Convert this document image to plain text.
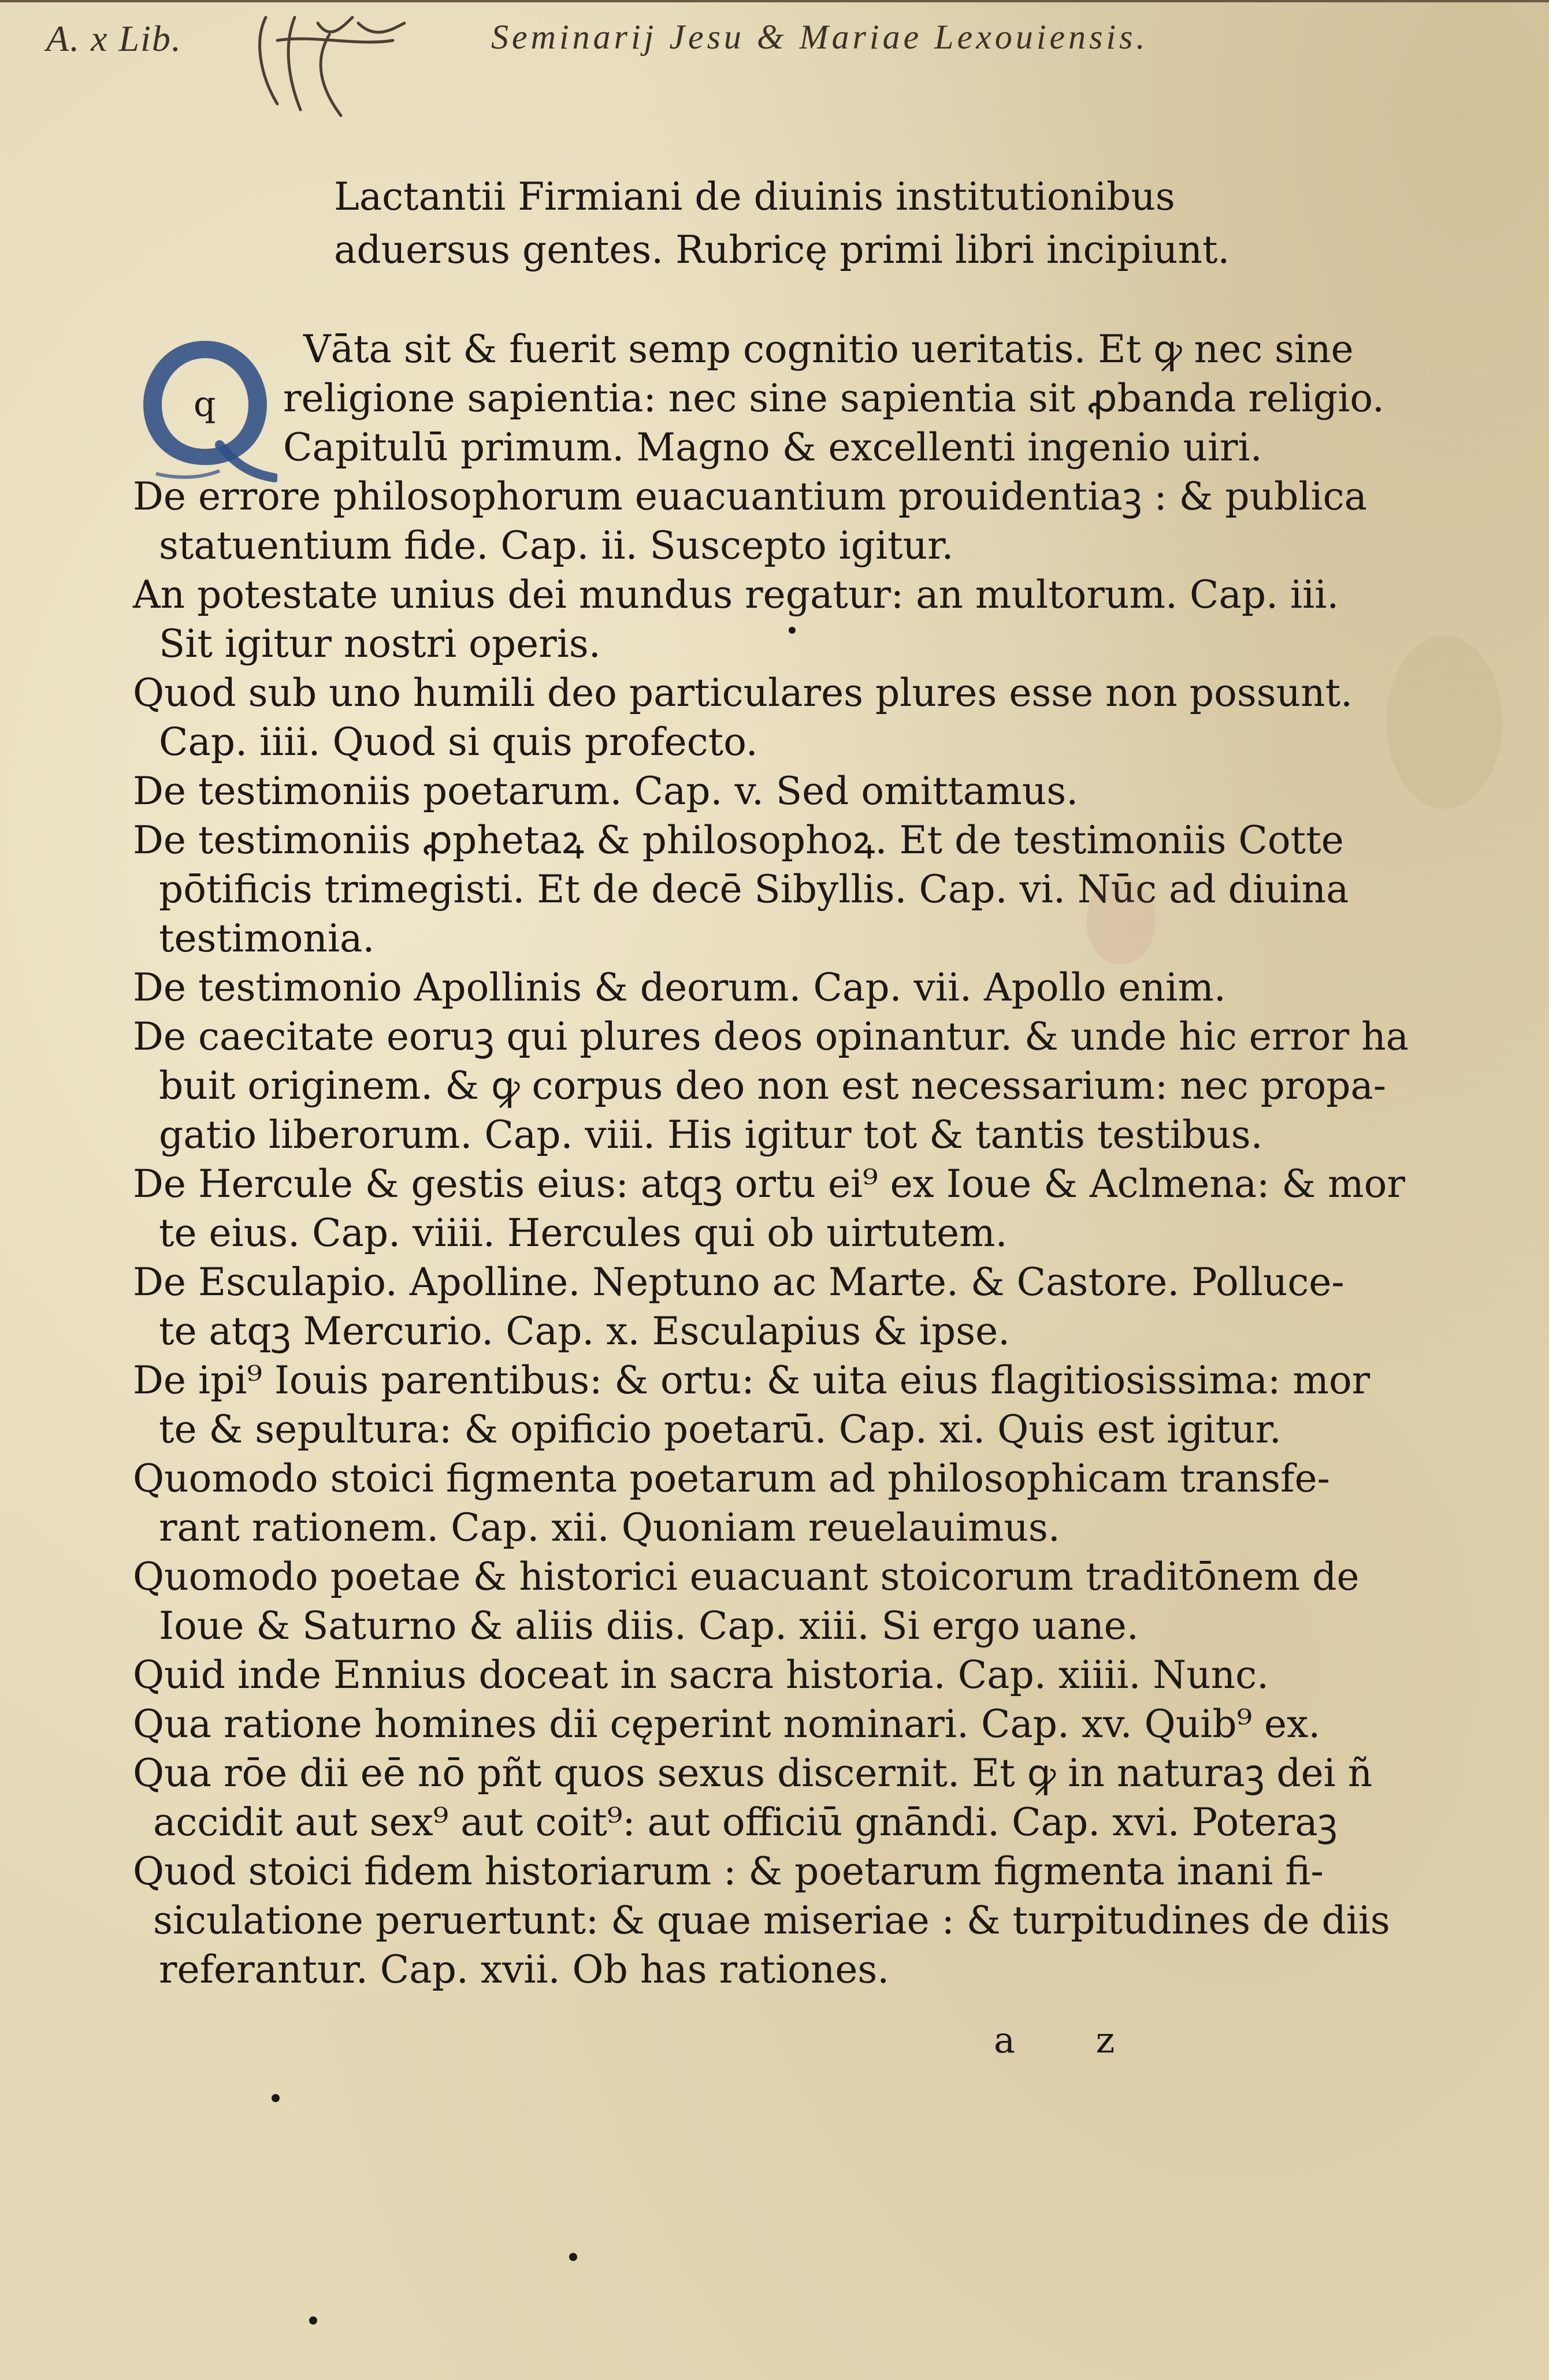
A. x Lib.	Seminarij Jesu & Mariae Lexouiensis.
Lactantii Firmiani de diuinis institutionibus
aduersus gentes. Rubricę primi libri incipiunt.
q
Vāta sit & fuerit semp cognitio ueritatis. Et ꝙ nec sine
religione sapientia: nec sine sapientia sit ꝓbanda religio.
Capitulū primum. Magno & excellenti ingenio uiri.
De errore philosophorum euacuantium prouidentiaꝫ : & publica
statuentium fide. Cap. ii. Suscepto igitur.
An potestate unius dei mundus regatur: an multorum. Cap. iii.
Sit igitur nostri operis.
Quod sub uno humili deo particulares plures esse non possunt.
Cap. iiii. Quod si quis profecto.
De testimoniis poetarum. Cap. v. Sed omittamus.
De testimoniis ꝓphetaꝝ & philosophoꝝ. Et de testimoniis Cotte
pōtificis trimegisti. Et de decē Sibyllis. Cap. vi. Nūc ad diuina
testimonia.
De testimonio Apollinis & deorum. Cap. vii. Apollo enim.
De caecitate eoruꝫ qui plures deos opinantur. & unde hic error ha
buit originem. & ꝙ corpus deo non est necessarium: nec propa-
gatio liberorum. Cap. viii. His igitur tot & tantis testibus.
De Hercule & gestis eius: atqꝫ ortu ei⁹ ex Ioue & Aclmena: & mor
te eius. Cap. viiii. Hercules qui ob uirtutem.
De Esculapio. Apolline. Neptuno ac Marte. & Castore. Polluce-
te atqꝫ Mercurio. Cap. x. Esculapius & ipse.
De ipi⁹ Iouis parentibus: & ortu: & uita eius flagitiosissima: mor
te & sepultura: & opificio poetarū. Cap. xi. Quis est igitur.
Quomodo stoici figmenta poetarum ad philosophicam transfe-
rant rationem. Cap. xii. Quoniam reuelauimus.
Quomodo poetae & historici euacuant stoicorum traditōnem de
Ioue & Saturno & aliis diis. Cap. xiii. Si ergo uane.
Quid inde Ennius doceat in sacra historia. Cap. xiiii. Nunc.
Qua ratione homines dii cęperint nominari. Cap. xv. Quib⁹ ex.
Qua rōe dii eē nō pñt quos sexus discernit. Et ꝙ in naturaꝫ dei ñ
accidit aut sex⁹ aut coit⁹: aut officiū gnāndi. Cap. xvi. Poteraꝫ
Quod stoici fidem historiarum : & poetarum figmenta inani fi-
siculatione peruertunt: & quae miseriae : & turpitudines de diis
referantur. Cap. xvii. Ob has rationes.
a z
